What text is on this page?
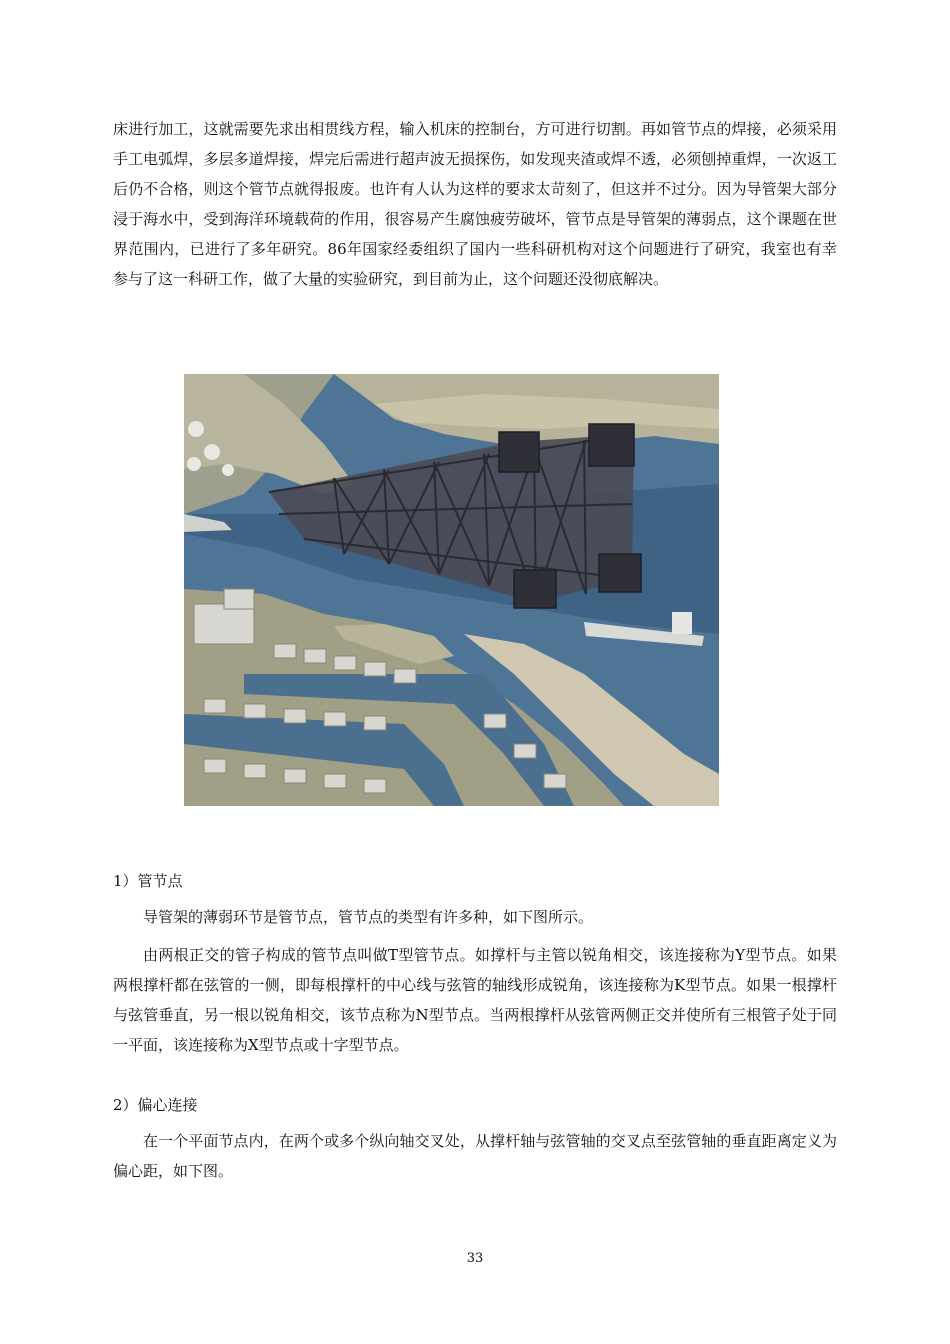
床进行加工，这就需要先求出相贯线方程，输入机床的控制台，方可进行切割。再如管节点的焊接，必须采用手工电弧焊，多层多道焊接，焊完后需进行超声波无损探伤，如发现夹渣或焊不透，必须刨掉重焊，一次返工后仍不合格，则这个管节点就得报废。也许有人认为这样的要求太苛刻了，但这并不过分。因为导管架大部分浸于海水中，受到海洋环境载荷的作用，很容易产生腐蚀疲劳破坏，管节点是导管架的薄弱点，这个课题在世界范围内，已进行了多年研究。86年国家经委组织了国内一些科研机构对这个问题进行了研究，我室也有幸参与了这一科研工作，做了大量的实验研究，到目前为止，这个问题还没彻底解决。

1）管节点

导管架的薄弱环节是管节点，管节点的类型有许多种，如下图所示。

由两根正交的管子构成的管节点叫做T型管节点。如撑杆与主管以锐角相交，该连接称为Y型节点。如果两根撑杆都在弦管的一侧，即每根撑杆的中心线与弦管的轴线形成锐角，该连接称为K型节点。如果一根撑杆与弦管垂直，另一根以锐角相交，该节点称为N型节点。当两根撑杆从弦管两侧正交并使所有三根管子处于同一平面，该连接称为X型节点或十字型节点。

2）偏心连接

在一个平面节点内，在两个或多个纵向轴交叉处，从撑杆轴与弦管轴的交叉点至弦管轴的垂直距离定义为偏心距，如下图。

33
